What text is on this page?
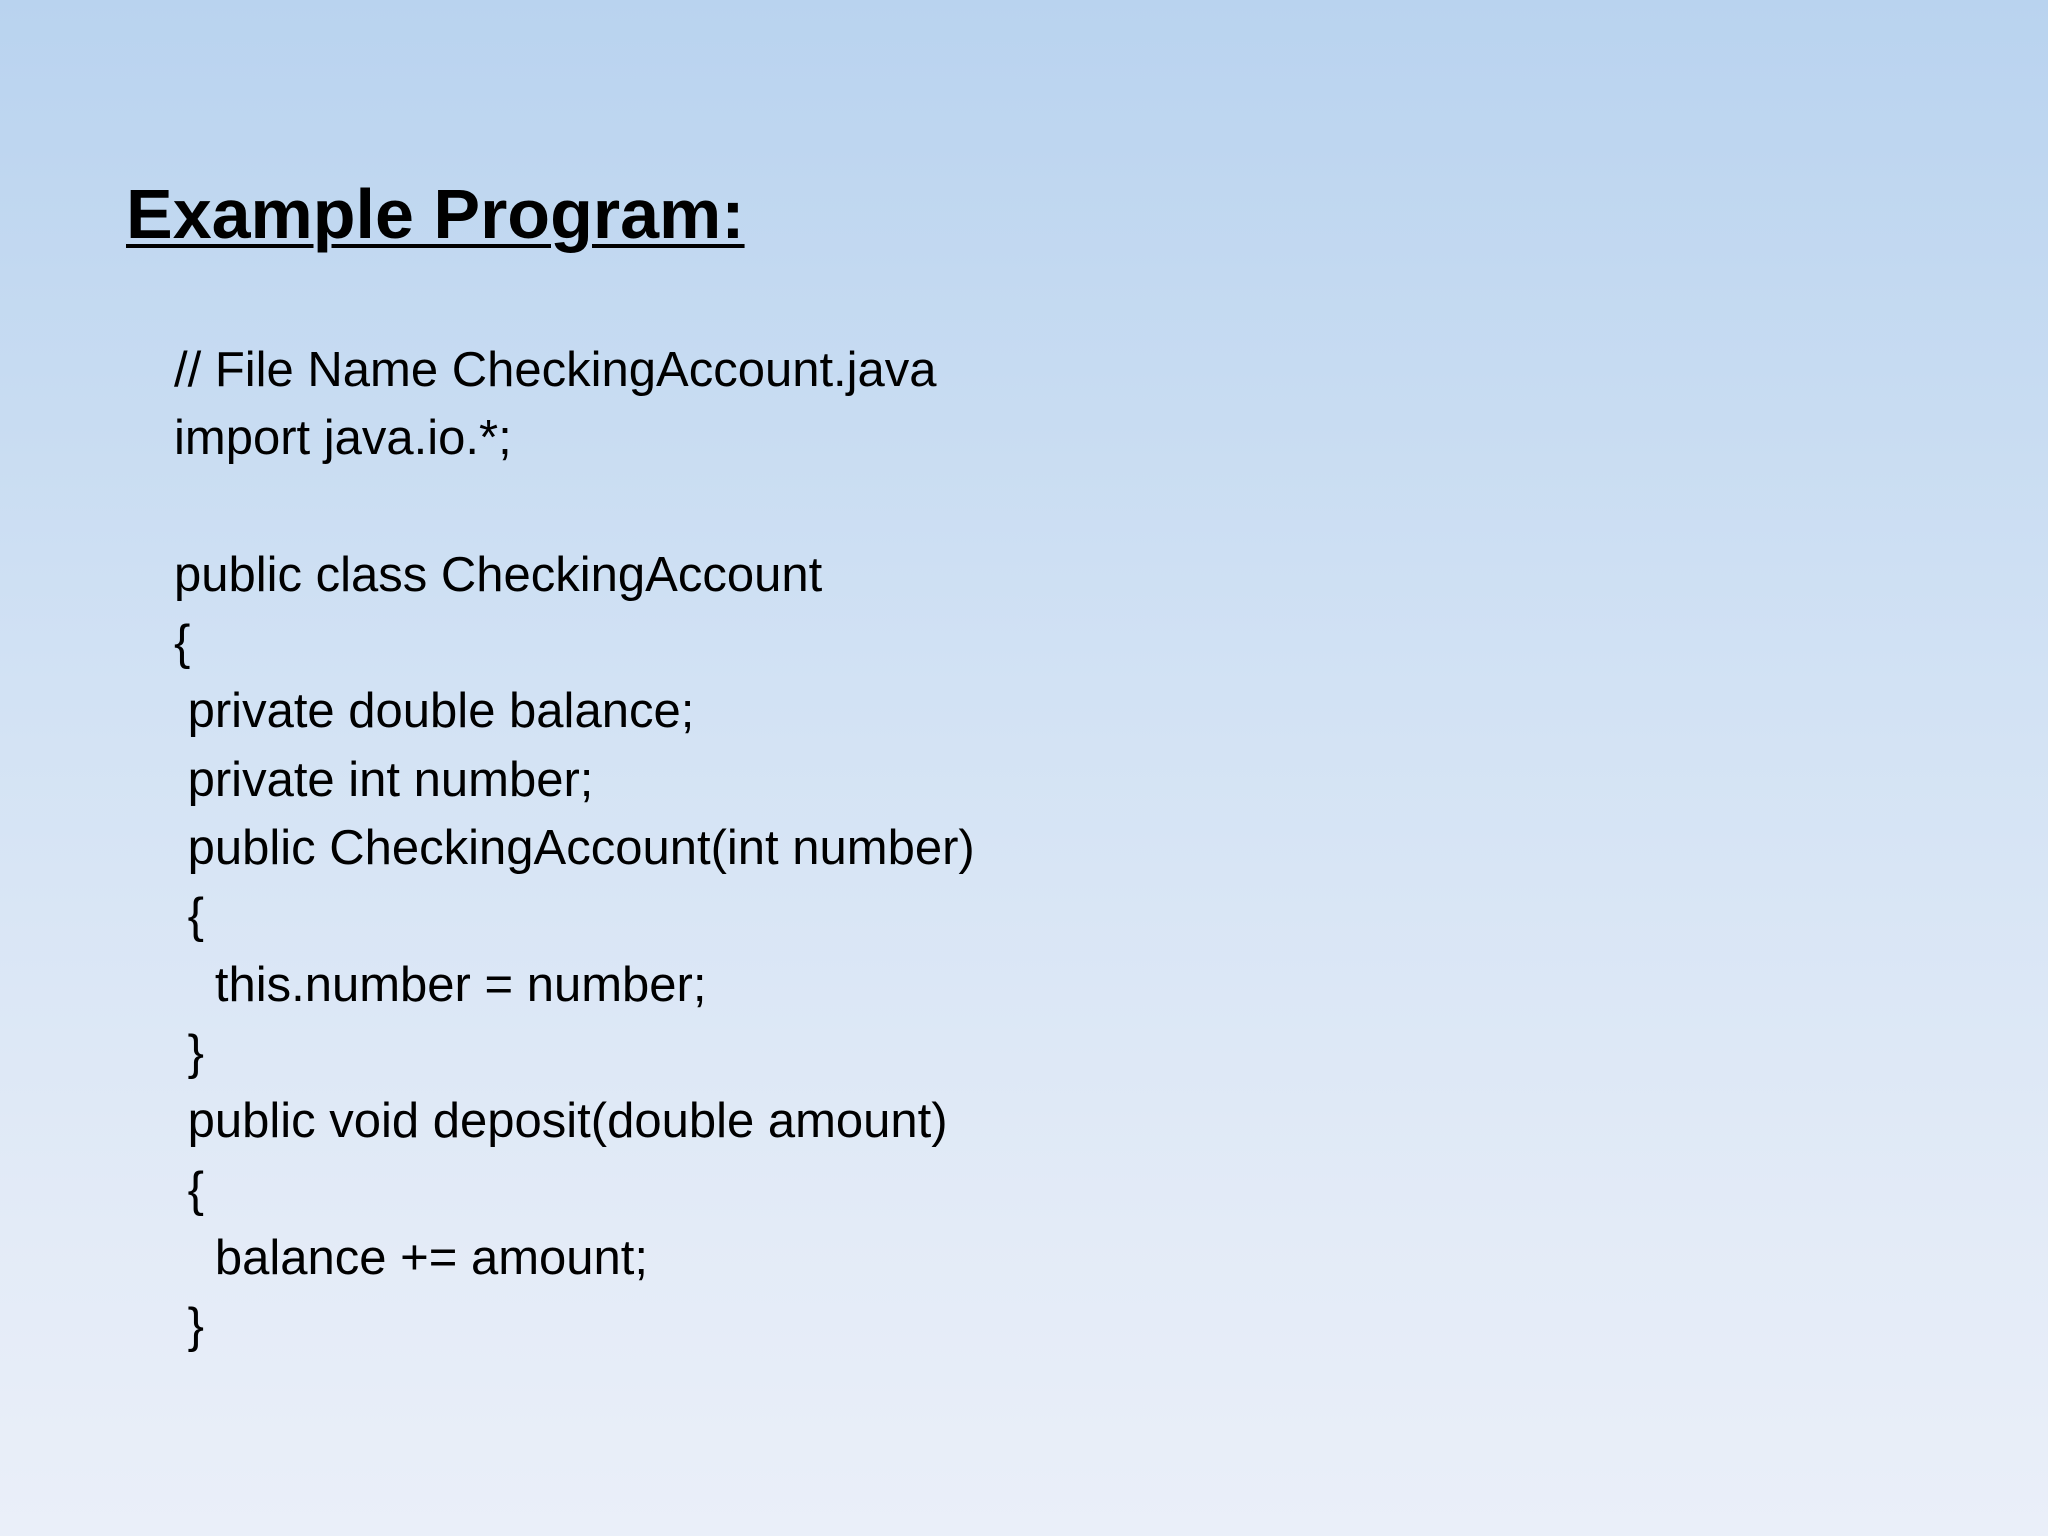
Example Program:
// File Name CheckingAccount.java
import java.io.*;
public class CheckingAccount
{
private double balance;
private int number;
public CheckingAccount(int number)
{
this.number = number;
}
public void deposit(double amount)
{
balance += amount;
}
